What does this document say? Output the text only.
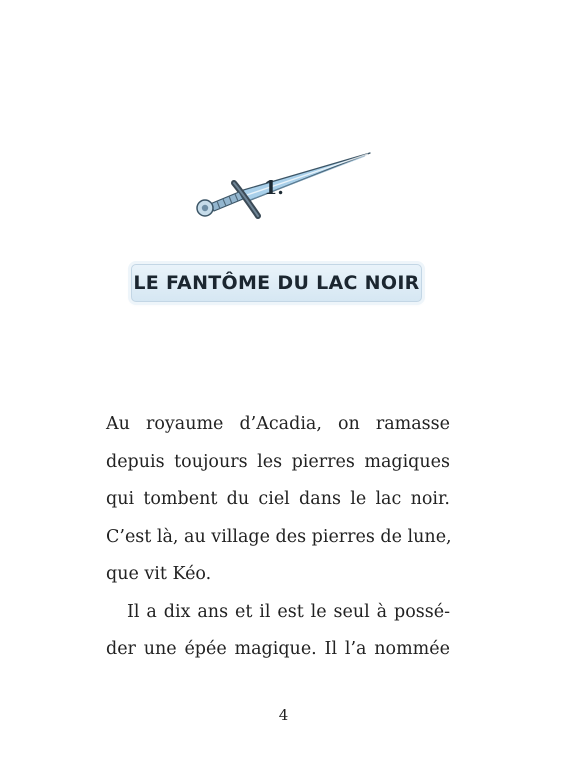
1.
LE FANTÔME DU LAC NOIR

Au royaume d’Acadia, on ramasse
depuis toujours les pierres magiques
qui tombent du ciel dans le lac noir.
C’est là, au village des pierres de lune,
que vit Kéo.

Il a dix ans et il est le seul à possé-
der une épée magique. Il l’a nommée

4
